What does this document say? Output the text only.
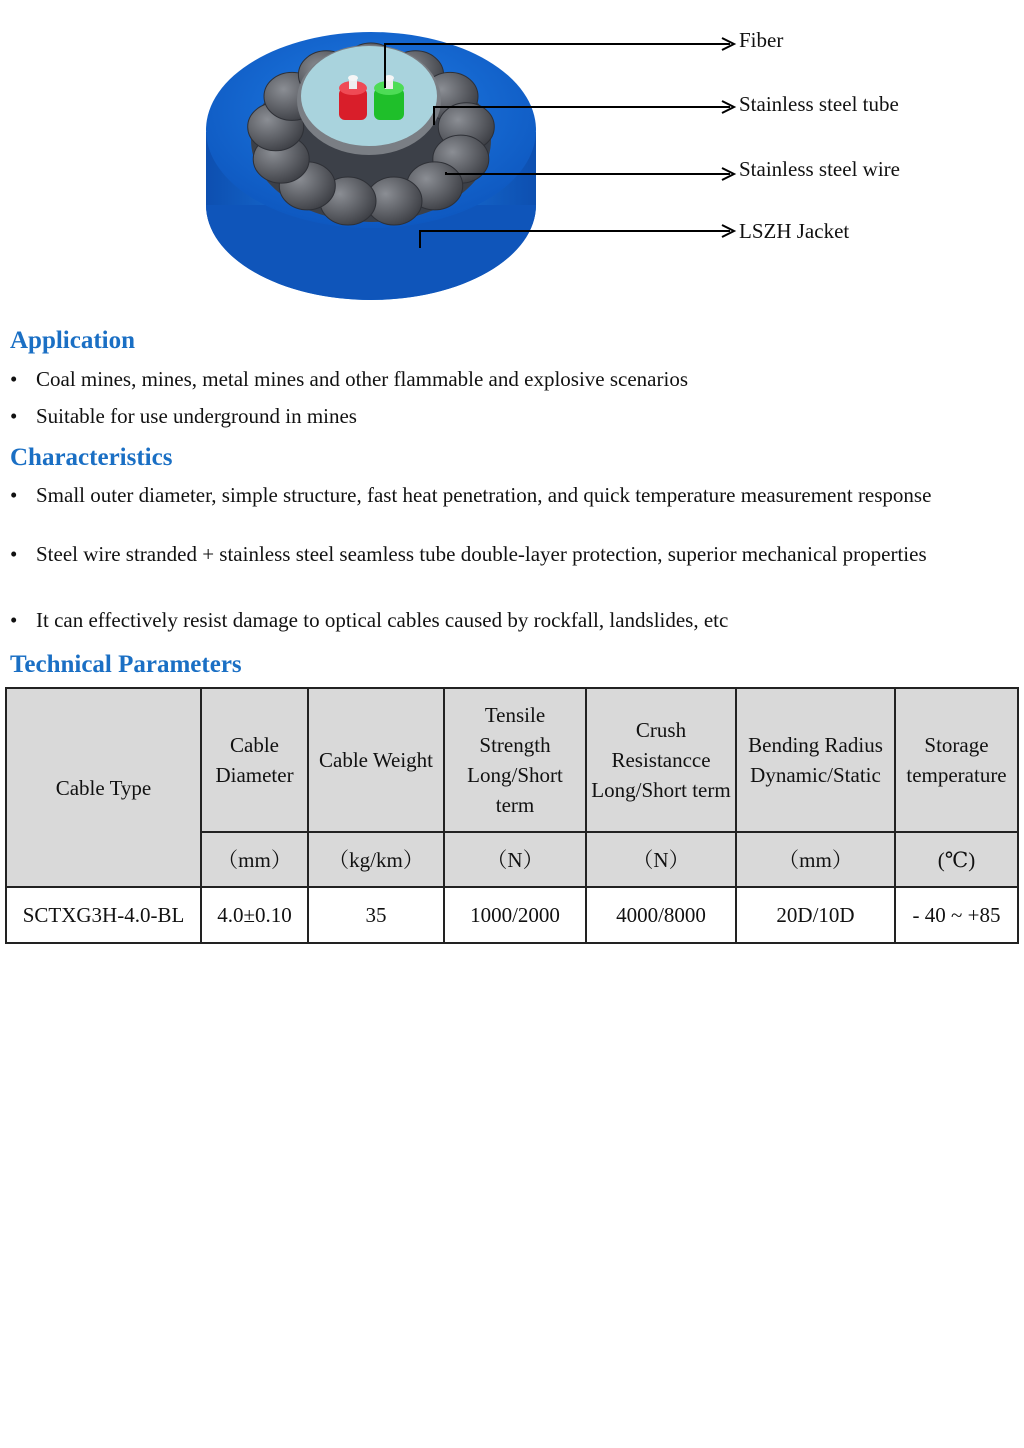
Fiber
Stainless steel tube
Stainless steel wire
LSZH Jacket
Application

• Coal mines, mines, metal mines and other flammable and explosive scenarios

• Suitable for use underground in mines

Characteristics

• Small outer diameter, simple structure, fast heat penetration, and quick temperature measurement response

• Steel wire stranded + stainless steel seamless tube double-layer protection, superior mechanical properties

• It can effectively resist damage to optical cables caused by rockfall, landslides, etc

Technical Parameters
Cable Type	Cable Diameter	Cable Weight	Tensile Strength Long/Short term	Crush Resistancce Long/Short term	Bending Radius Dynamic/Static	Storage temperature
	（mm）	（kg/km）	（N）	（N）	（mm）	(℃)
SCTXG3H-4.0-BL	4.0±0.10	35	1000/2000	4000/8000	20D/10D	- 40 ~ +85
